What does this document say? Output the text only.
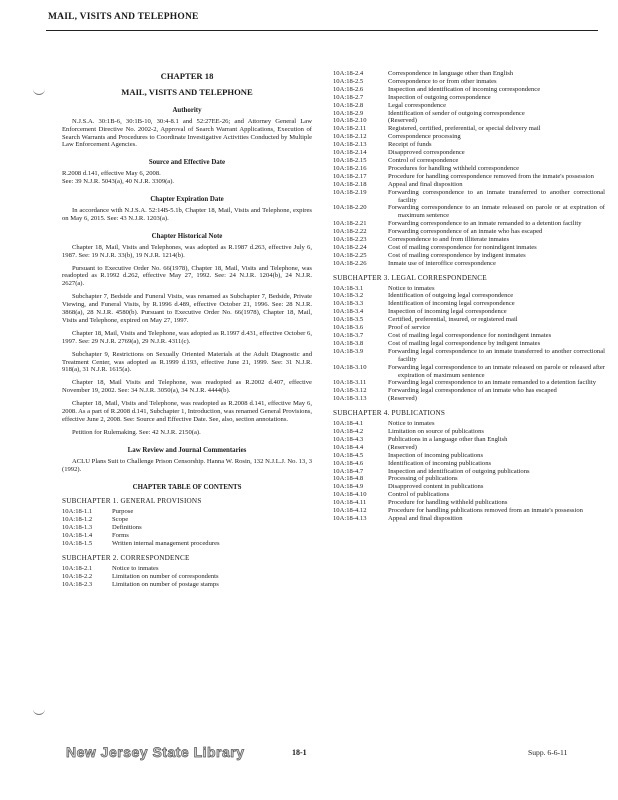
MAIL, VISITS AND TELEPHONE
CHAPTER 18
MAIL, VISITS AND TELEPHONE
Authority

N.J.S.A. 30:1B-6, 30:1B-10, 30:4-8.1 and 52:27EE-26; and Attorney General Law Enforcement Directive No. 2002-2, Approval of Search Warrant Applications, Execution of Search Warrants and Procedures to Coordinate Investigative Activities Conducted by Multiple Law Enforcement Agencies.

Source and Effective Date

R.2008 d.141, effective May 6, 2008.

See: 39 N.J.R. 5043(a), 40 N.J.R. 3309(a).

Chapter Expiration Date

In accordance with N.J.S.A. 52:14B-5.1b, Chapter 18, Mail, Visits and Telephone, expires on May 6, 2015. See: 43 N.J.R. 1203(a).

Chapter Historical Note

Chapter 18, Mail, Visits and Telephones, was adopted as R.1987 d.263, effective July 6, 1987. See: 19 N.J.R. 33(b), 19 N.J.R. 1214(b).

Pursuant to Executive Order No. 66(1978), Chapter 18, Mail, Visits and Telephone, was readopted as R.1992 d.262, effective May 27, 1992. See: 24 N.J.R. 1204(b), 24 N.J.R. 2627(a).

Subchapter 7, Bedside and Funeral Visits, was renamed as Subchapter 7, Bedside, Private Viewing, and Funeral Visits, by R.1996 d.489, effective October 21, 1996. See: 28 N.J.R. 3868(a), 28 N.J.R. 4580(b). Pursuant to Executive Order No. 66(1978), Chapter 18, Mail, Visits and Telephone, expired on May 27, 1997.

Chapter 18, Mail, Visits and Telephone, was adopted as R.1997 d.431, effective October 6, 1997. See: 29 N.J.R. 2769(a), 29 N.J.R. 4311(c).

Subchapter 9, Restrictions on Sexually Oriented Materials at the Adult Diagnostic and Treatment Center, was adopted as R.1999 d.193, effective June 21, 1999. See: 31 N.J.R. 918(a), 31 N.J.R. 1615(a).

Chapter 18, Mail Visits and Telephone, was readopted as R.2002 d.407, effective November 19, 2002. See: 34 N.J.R. 3050(a), 34 N.J.R. 4444(b).

Chapter 18, Mail, Visits and Telephone, was readopted as R.2008 d.141, effective May 6, 2008. As a part of R.2008 d.141, Subchapter 1, Introduction, was renamed General Provisions, effective June 2, 2008. See: Source and Effective Date. See, also, section annotations.

Petition for Rulemaking. See: 42 N.J.R. 2150(a).

Law Review and Journal Commentaries

ACLU Plans Suit to Challenge Prison Censorship. Hanna W. Rosin, 132 N.J.L.J. No. 13, 3 (1992).

CHAPTER TABLE OF CONTENTS
SUBCHAPTER 1. GENERAL PROVISIONS
10A:18-1.1	Purpose
10A:18-1.2	Scope
10A:18-1.3	Definitions
10A:18-1.4	Forms
10A:18-1.5	Written internal management procedures
SUBCHAPTER 2. CORRESPONDENCE
10A:18-2.1	Notice to inmates
10A:18-2.2	Limitation on number of correspondents
10A:18-2.3	Limitation on number of postage stamps
10A:18-2.4	Correspondence in language other than English
10A:18-2.5	Correspondence to or from other inmates
10A:18-2.6	Inspection and identification of incoming correspondence
10A:18-2.7	Inspection of outgoing correspondence
10A:18-2.8	Legal correspondence
10A:18-2.9	Identification of sender of outgoing correspondence
10A:18-2.10	(Reserved)
10A:18-2.11	Registered, certified, preferential, or special delivery mail
10A:18-2.12	Correspondence processing
10A:18-2.13	Receipt of funds
10A:18-2.14	Disapproved correspondence
10A:18-2.15	Control of correspondence
10A:18-2.16	Procedures for handling withheld correspondence
10A:18-2.17	Procedure for handling correspondence removed from the inmate's possession
10A:18-2.18	Appeal and final disposition
10A:18-2.19	Forwarding correspondence to an inmate transferred to another correctional facility
10A:18-2.20	Forwarding correspondence to an inmate released on parole or at expiration of maximum sentence
10A:18-2.21	Forwarding correspondence to an inmate remanded to a detention facility
10A:18-2.22	Forwarding correspondence of an inmate who has escaped
10A:18-2.23	Correspondence to and from illiterate inmates
10A:18-2.24	Cost of mailing correspondence for nonindigent inmates
10A:18-2.25	Cost of mailing correspondence by indigent inmates
10A:18-2.26	Inmate use of interoffice correspondence
SUBCHAPTER 3. LEGAL CORRESPONDENCE
10A:18-3.1	Notice to inmates
10A:18-3.2	Identification of outgoing legal correspondence
10A:18-3.3	Identification of incoming legal correspondence
10A:18-3.4	Inspection of incoming legal correspondence
10A:18-3.5	Certified, preferential, insured, or registered mail
10A:18-3.6	Proof of service
10A:18-3.7	Cost of mailing legal correspondence for nonindigent inmates
10A:18-3.8	Cost of mailing legal correspondence by indigent inmates
10A:18-3.9	Forwarding legal correspondence to an inmate transferred to another correctional facility
10A:18-3.10	Forwarding legal correspondence to an inmate released on parole or released after expiration of maximum sentence
10A:18-3.11	Forwarding legal correspondence to an inmate remanded to a detention facility
10A:18-3.12	Forwarding legal correspondence of an inmate who has escaped
10A:18-3.13	(Reserved)
SUBCHAPTER 4. PUBLICATIONS
10A:18-4.1	Notice to inmates
10A:18-4.2	Limitation on source of publications
10A:18-4.3	Publications in a language other than English
10A:18-4.4	(Reserved)
10A:18-4.5	Inspection of incoming publications
10A:18-4.6	Identification of incoming publications
10A:18-4.7	Inspection and identification of outgoing publications
10A:18-4.8	Processing of publications
10A:18-4.9	Disapproved content in publications
10A:18-4.10	Control of publications
10A:18-4.11	Procedure for handling withheld publications
10A:18-4.12	Procedure for handling publications removed from an inmate's possession
10A:18-4.13	Appeal and final disposition
New Jersey State Library	18-1	Supp. 6-6-11
